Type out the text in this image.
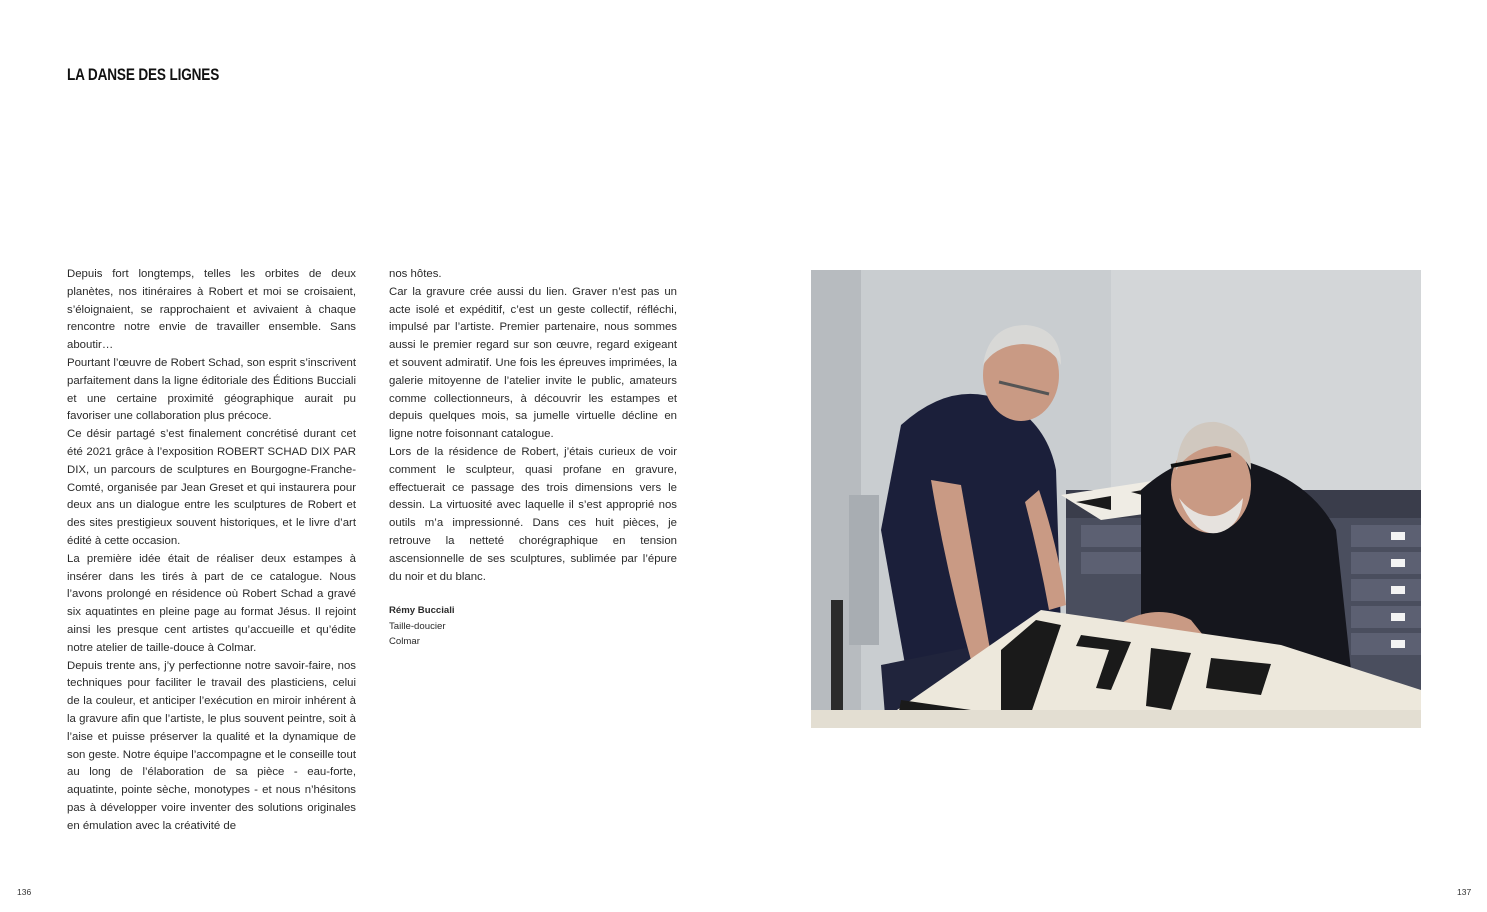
LA DANSE DES LIGNES

Depuis fort longtemps, telles les orbites de deux planètes, nos itinéraires à Robert et moi se croisaient, s’éloignaient, se rapprochaient et avivaient à chaque rencontre notre envie de travailler ensemble. Sans aboutir…

Pourtant l’œuvre de Robert Schad, son esprit s’inscrivent parfaitement dans la ligne éditoriale des Éditions Bucciali et une certaine proximité géographique aurait pu favoriser une collaboration plus précoce.

Ce désir partagé s’est finalement concrétisé durant cet été 2021 grâce à l’exposition ROBERT SCHAD DIX PAR DIX, un parcours de sculptures en Bourgogne-Franche-Comté, organisée par Jean Greset et qui instaurera pour deux ans un dialogue entre les sculptures de Robert et des sites prestigieux souvent historiques, et le livre d’art édité à cette occasion.

La première idée était de réaliser deux estampes à insérer dans les tirés à part de ce catalogue. Nous l’avons prolongé en résidence où Robert Schad a gravé six aquatintes en pleine page au format Jésus. Il rejoint ainsi les presque cent artistes qu’accueille et qu’édite notre atelier de taille-douce à Colmar.

Depuis trente ans, j’y perfectionne notre savoir-faire, nos techniques pour faciliter le travail des plasticiens, celui de la couleur, et anticiper l’exécution en miroir inhérent à la gravure afin que l’artiste, le plus souvent peintre, soit à l’aise et puisse préserver la qualité et la dynamique de son geste. Notre équipe l’accompagne et le conseille tout au long de l’élaboration de sa pièce - eau-forte, aquatinte, pointe sèche, monotypes - et nous n’hésitons pas à développer voire inventer des solutions originales en émulation avec la créativité de

nos hôtes.

Car la gravure crée aussi du lien. Graver n’est pas un acte isolé et expéditif, c’est un geste collectif, réfléchi, impulsé par l’artiste. Premier partenaire, nous sommes aussi le premier regard sur son œuvre, regard exigeant et souvent admiratif. Une fois les épreuves imprimées, la galerie mitoyenne de l’atelier invite le public, amateurs comme collectionneurs, à découvrir les estampes et depuis quelques mois, sa jumelle virtuelle décline en ligne notre foisonnant catalogue.

Lors de la résidence de Robert, j’étais curieux de voir comment le sculpteur, quasi profane en gravure, effectuerait ce passage des trois dimensions vers le dessin. La virtuosité avec laquelle il s’est approprié nos outils m’a impressionné. Dans ces huit pièces, je retrouve la netteté chorégraphique en tension ascensionnelle de ses sculptures, sublimée par l’épure du noir et du blanc.

Rémy Bucciali
Taille-doucier
Colmar
136	137
